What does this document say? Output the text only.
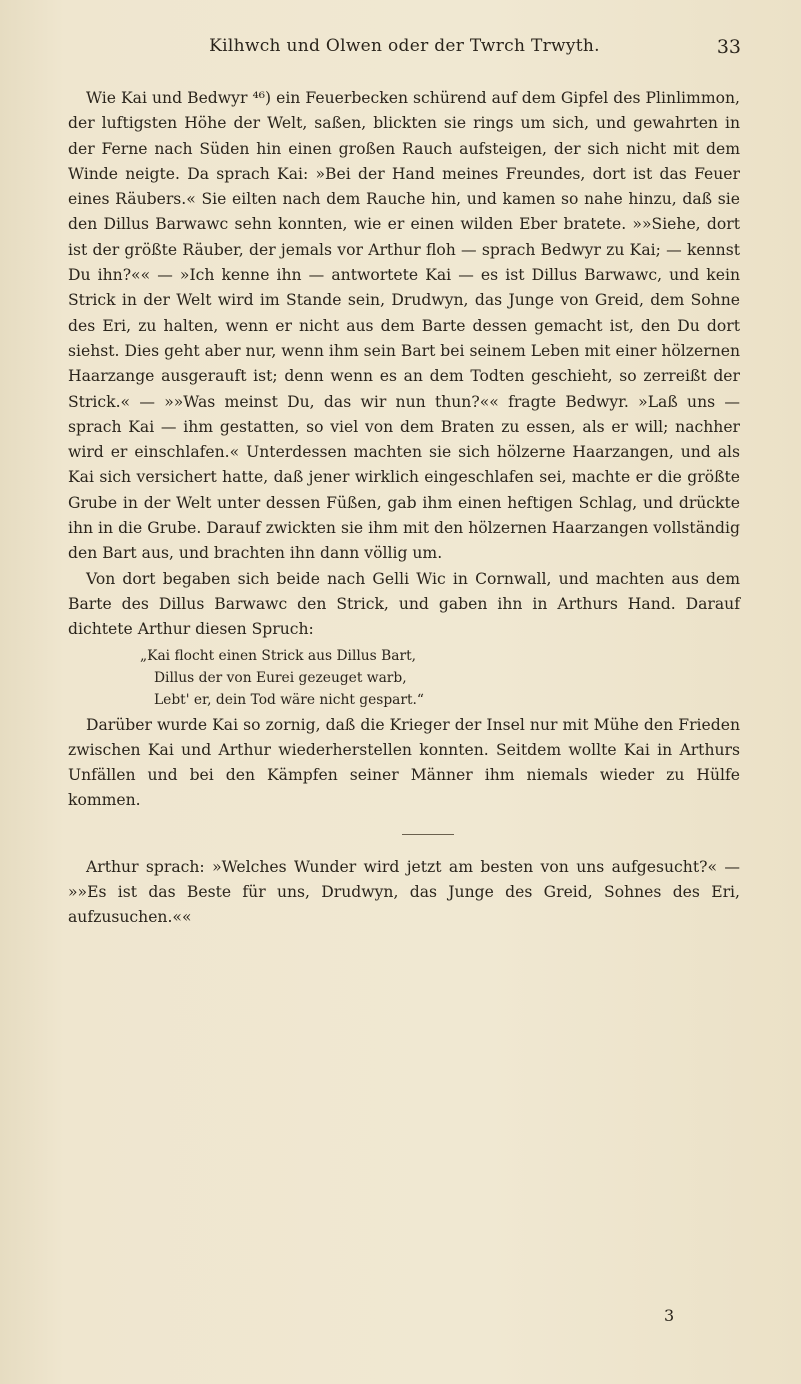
Kilhwch und Olwen oder der Twrch Trwyth.	33

Wie Kai und Bedwyr ⁴⁶) ein Feuerbecken schürend auf dem Gipfel des Plinlimmon, der luftigsten Höhe der Welt, saßen, blickten sie rings um sich, und gewahrten in der Ferne nach Süden hin einen großen Rauch aufsteigen, der sich nicht mit dem Winde neigte. Da sprach Kai: »Bei der Hand meines Freundes, dort ist das Feuer eines Räubers.« Sie eilten nach dem Rauche hin, und kamen so nahe hinzu, daß sie den Dillus Barwawc sehn konnten, wie er einen wilden Eber bratete. »»Siehe, dort ist der größte Räuber, der jemals vor Arthur floh — sprach Bedwyr zu Kai; — kennst Du ihn?«« — »Ich kenne ihn — antwortete Kai — es ist Dillus Barwawc, und kein Strick in der Welt wird im Stande sein, Drudwyn, das Junge von Greid, dem Sohne des Eri, zu halten, wenn er nicht aus dem Barte dessen gemacht ist, den Du dort siehst. Dies geht aber nur, wenn ihm sein Bart bei seinem Leben mit einer hölzernen Haarzange ausgerauft ist; denn wenn es an dem Todten geschieht, so zerreißt der Strick.« — »»Was meinst Du, das wir nun thun?«« fragte Bedwyr. »Laß uns — sprach Kai — ihm gestatten, so viel von dem Braten zu essen, als er will; nachher wird er einschlafen.« Unterdessen machten sie sich hölzerne Haarzangen, und als Kai sich versichert hatte, daß jener wirklich eingeschlafen sei, machte er die größte Grube in der Welt unter dessen Füßen, gab ihm einen heftigen Schlag, und drückte ihn in die Grube. Darauf zwickten sie ihm mit den hölzernen Haarzangen vollständig den Bart aus, und brachten ihn dann völlig um.

Von dort begaben sich beide nach Gelli Wic in Cornwall, und machten aus dem Barte des Dillus Barwawc den Strick, und gaben ihn in Arthurs Hand. Darauf dichtete Arthur diesen Spruch:

„Kai flocht einen Strick aus Dillus Bart,
Dillus der von Eurei gezeuget warb,
Lebt' er, dein Tod wäre nicht gespart.“

Darüber wurde Kai so zornig, daß die Krieger der Insel nur mit Mühe den Frieden zwischen Kai und Arthur wiederherstellen konnten. Seitdem wollte Kai in Arthurs Unfällen und bei den Kämpfen seiner Männer ihm niemals wieder zu Hülfe kommen.

Arthur sprach: »Welches Wunder wird jetzt am besten von uns aufgesucht?« — »»Es ist das Beste für uns, Drudwyn, das Junge des Greid, Sohnes des Eri, aufzusuchen.««

3
